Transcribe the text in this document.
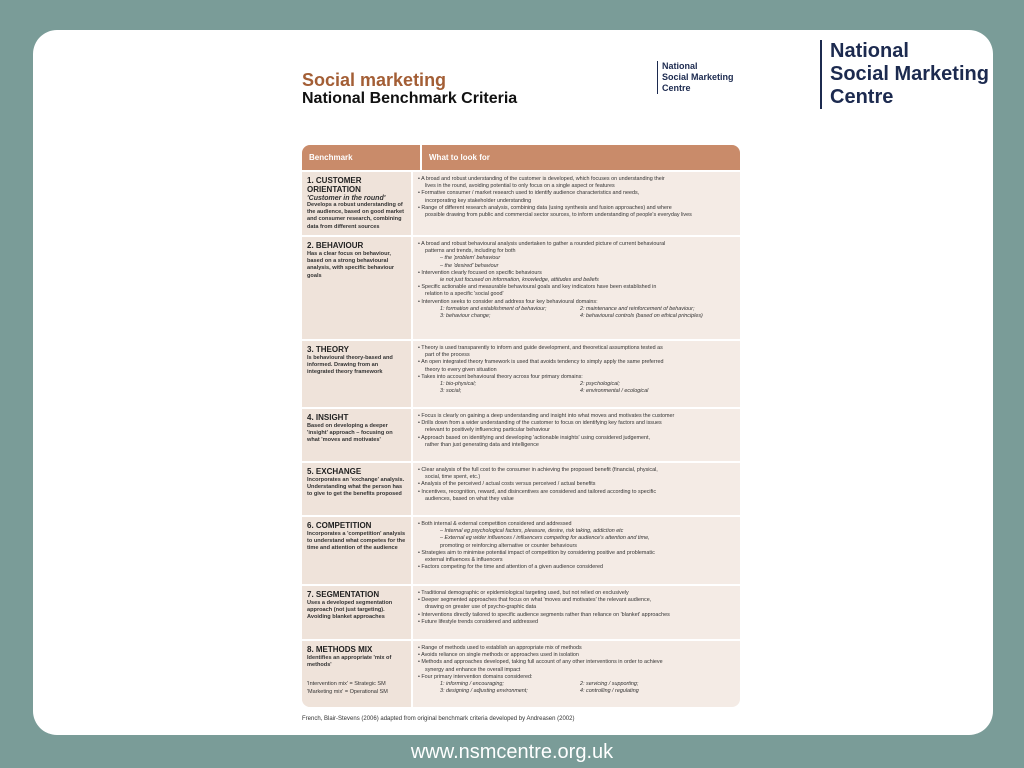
National
Social Marketing
Centre
Social marketing
National Benchmark Criteria
National
Social Marketing
Centre
Benchmark	What to look for
1. CUSTOMER ORIENTATION
'Customer in the round'
Develops a robust understanding of the audience, based on good market and consumer research, combining data from different sources
• A broad and robust understanding of the customer is developed, which focuses on understanding their
lives in the round, avoiding potential to only focus on a single aspect or features
• Formative consumer / market research used to identify audience characteristics and needs,
incorporating key stakeholder understanding
• Range of different research analysis, combining data (using synthesis and fusion approaches) and where
possible drawing from public and commercial sector sources, to inform understanding of people's everyday lives
2. BEHAVIOUR
Has a clear focus on behaviour, based on a strong behavioural analysis, with specific behaviour goals
• A broad and robust behavioural analysis undertaken to gather a rounded picture of current behavioural
patterns and trends, including for both
– the 'problem' behaviour
– the 'desired' behaviour
• Intervention clearly focused on specific behaviours
ie not just focused on information, knowledge, attitudes and beliefs
• Specific actionable and measurable behavioural goals and key indicators have been established in
relation to a specific 'social good'
• Intervention seeks to consider and address four key behavioural domains:
1: formation and establishment of behaviour;	2: maintenance and reinforcement of behaviour;
3: behaviour change;	4: behavioural controls (based on ethical principles)
3. THEORY
Is behavioural theory-based and informed. Drawing from an integrated theory framework
• Theory is used transparently to inform and guide development, and theoretical assumptions tested as
part of the process
• An open integrated theory framework is used that avoids tendency to simply apply the same preferred
theory to every given situation
• Takes into account behavioural theory across four primary domains:
1: bio-physical;	2: psychological;
3: social;	4: environmental / ecological
4. INSIGHT
Based on developing a deeper 'insight' approach – focusing on what 'moves and motivates'
• Focus is clearly on gaining a deep understanding and insight into what moves and motivates the customer
• Drills down from a wider understanding of the customer to focus on identifying key factors and issues
relevant to positively influencing particular behaviour
• Approach based on identifying and developing 'actionable insights' using considered judgement,
rather than just generating data and intelligence
5. EXCHANGE
Incorporates an 'exchange' analysis. Understanding what the person has to give to get the benefits proposed
• Clear analysis of the full cost to the consumer in achieving the proposed benefit (financial, physical,
social, time spent, etc.)
• Analysis of the perceived / actual costs versus perceived / actual benefits
• Incentives, recognition, reward, and disincentives are considered and tailored according to specific
audiences, based on what they value
6. COMPETITION
Incorporates a 'competition' analysis to understand what competes for the time and attention of the audience
• Both internal & external competition considered and addressed
– Internal eg psychological factors, pleasure, desire, risk taking, addiction etc
– External eg wider influences / influencers competing for audience's attention and time,
promoting or reinforcing alternative or counter behaviours
• Strategies aim to minimise potential impact of competition by considering positive and problematic
external influences & influencers
• Factors competing for the time and attention of a given audience considered
7. SEGMENTATION
Uses a developed segmentation approach (not just targeting). Avoiding blanket approaches
• Traditional demographic or epidemiological targeting used, but not relied on exclusively
• Deeper segmented approaches that focus on what 'moves and motivates' the relevant audience,
drawing on greater use of psycho-graphic data
• Interventions directly tailored to specific audience segments rather than reliance on 'blanket' approaches
• Future lifestyle trends considered and addressed
8. METHODS MIX
Identifies an appropriate 'mix of methods'
'Intervention mix' = Strategic SM
'Marketing mix' = Operational SM
• Range of methods used to establish an appropriate mix of methods
• Avoids reliance on single methods or approaches used in isolation
• Methods and approaches developed, taking full account of any other interventions in order to achieve
synergy and enhance the overall impact
• Four primary intervention domains considered:
1: informing / encouraging;	2: servicing / supporting;
3: designing / adjusting environment;	4: controlling / regulating
French, Blair-Stevens (2006) adapted from original benchmark criteria developed by Andreasen (2002)
www.nsmcentre.org.uk
